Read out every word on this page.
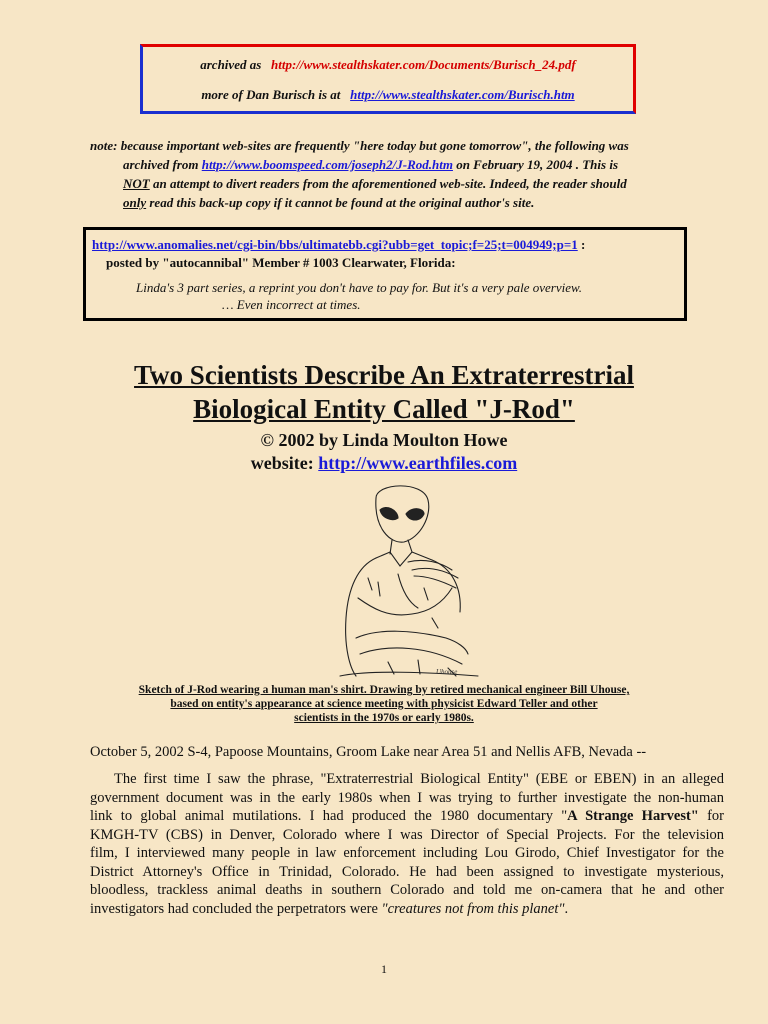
archived as http://www.stealthskater.com/Documents/Burisch_24.pdf
more of Dan Burisch is at http://www.stealthskater.com/Burisch.htm
note: because important web-sites are frequently "here today but gone tomorrow", the following was
archived from http://www.boomspeed.com/joseph2/J-Rod.htm on February 19, 2004 . This is
NOT an attempt to divert readers from the aforementioned web-site. Indeed, the reader should
only read this back-up copy if it cannot be found at the original author's site.
http://www.anomalies.net/cgi-bin/bbs/ultimatebb.cgi?ubb=get_topic;f=25;t=004949;p=1 :
posted by "autocannibal" Member # 1003 Clearwater, Florida:
Linda's 3 part series, a reprint you don't have to pay for. But it's a very pale overview.
… Even incorrect at times.
Two Scientists Describe An Extraterrestrial
Biological Entity Called "J-Rod"
© 2002 by Linda Moulton Howe
website: http://www.earthfiles.com
Uhouse
Sketch of J-Rod wearing a human man's shirt. Drawing by retired mechanical engineer Bill Uhouse,
based on entity's appearance at science meeting with physicist Edward Teller and other
scientists in the 1970s or early 1980s.
October 5, 2002 S-4, Papoose Mountains, Groom Lake near Area 51 and Nellis AFB, Nevada --
The first time I saw the phrase, "Extraterrestrial Biological Entity" (EBE or EBEN) in an alleged
government document was in the early 1980s when I was trying to further investigate the non-human
link to global animal mutilations. I had produced the 1980 documentary "A Strange Harvest" for
KMGH-TV (CBS) in Denver, Colorado where I was Director of Special Projects. For the television
film, I interviewed many people in law enforcement including Lou Girodo, Chief Investigator for the
District Attorney's Office in Trinidad, Colorado. He had been assigned to investigate mysterious,
bloodless, trackless animal deaths in southern Colorado and told me on-camera that he and other
investigators had concluded the perpetrators were "creatures not from this planet".
1
